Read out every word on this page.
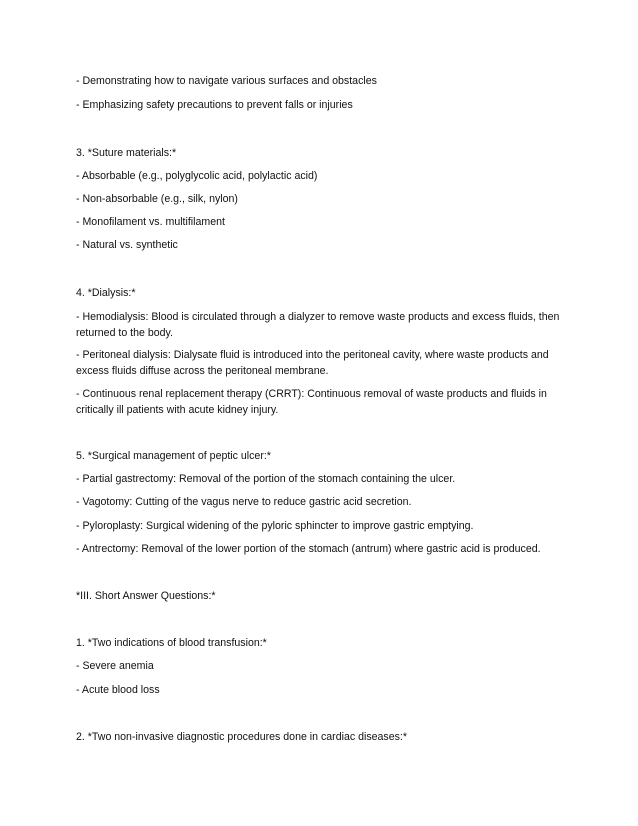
- Demonstrating how to navigate various surfaces and obstacles
- Emphasizing safety precautions to prevent falls or injuries
3. *Suture materials:*
- Absorbable (e.g., polyglycolic acid, polylactic acid)
- Non-absorbable (e.g., silk, nylon)
- Monofilament vs. multifilament
- Natural vs. synthetic
4. *Dialysis:*
- Hemodialysis: Blood is circulated through a dialyzer to remove waste products and excess fluids, then returned to the body.
- Peritoneal dialysis: Dialysate fluid is introduced into the peritoneal cavity, where waste products and excess fluids diffuse across the peritoneal membrane.
- Continuous renal replacement therapy (CRRT): Continuous removal of waste products and fluids in critically ill patients with acute kidney injury.
5. *Surgical management of peptic ulcer:*
- Partial gastrectomy: Removal of the portion of the stomach containing the ulcer.
- Vagotomy: Cutting of the vagus nerve to reduce gastric acid secretion.
- Pyloroplasty: Surgical widening of the pyloric sphincter to improve gastric emptying.
- Antrectomy: Removal of the lower portion of the stomach (antrum) where gastric acid is produced.
*III. Short Answer Questions:*
1. *Two indications of blood transfusion:*
- Severe anemia
- Acute blood loss
2. *Two non-invasive diagnostic procedures done in cardiac diseases:*
